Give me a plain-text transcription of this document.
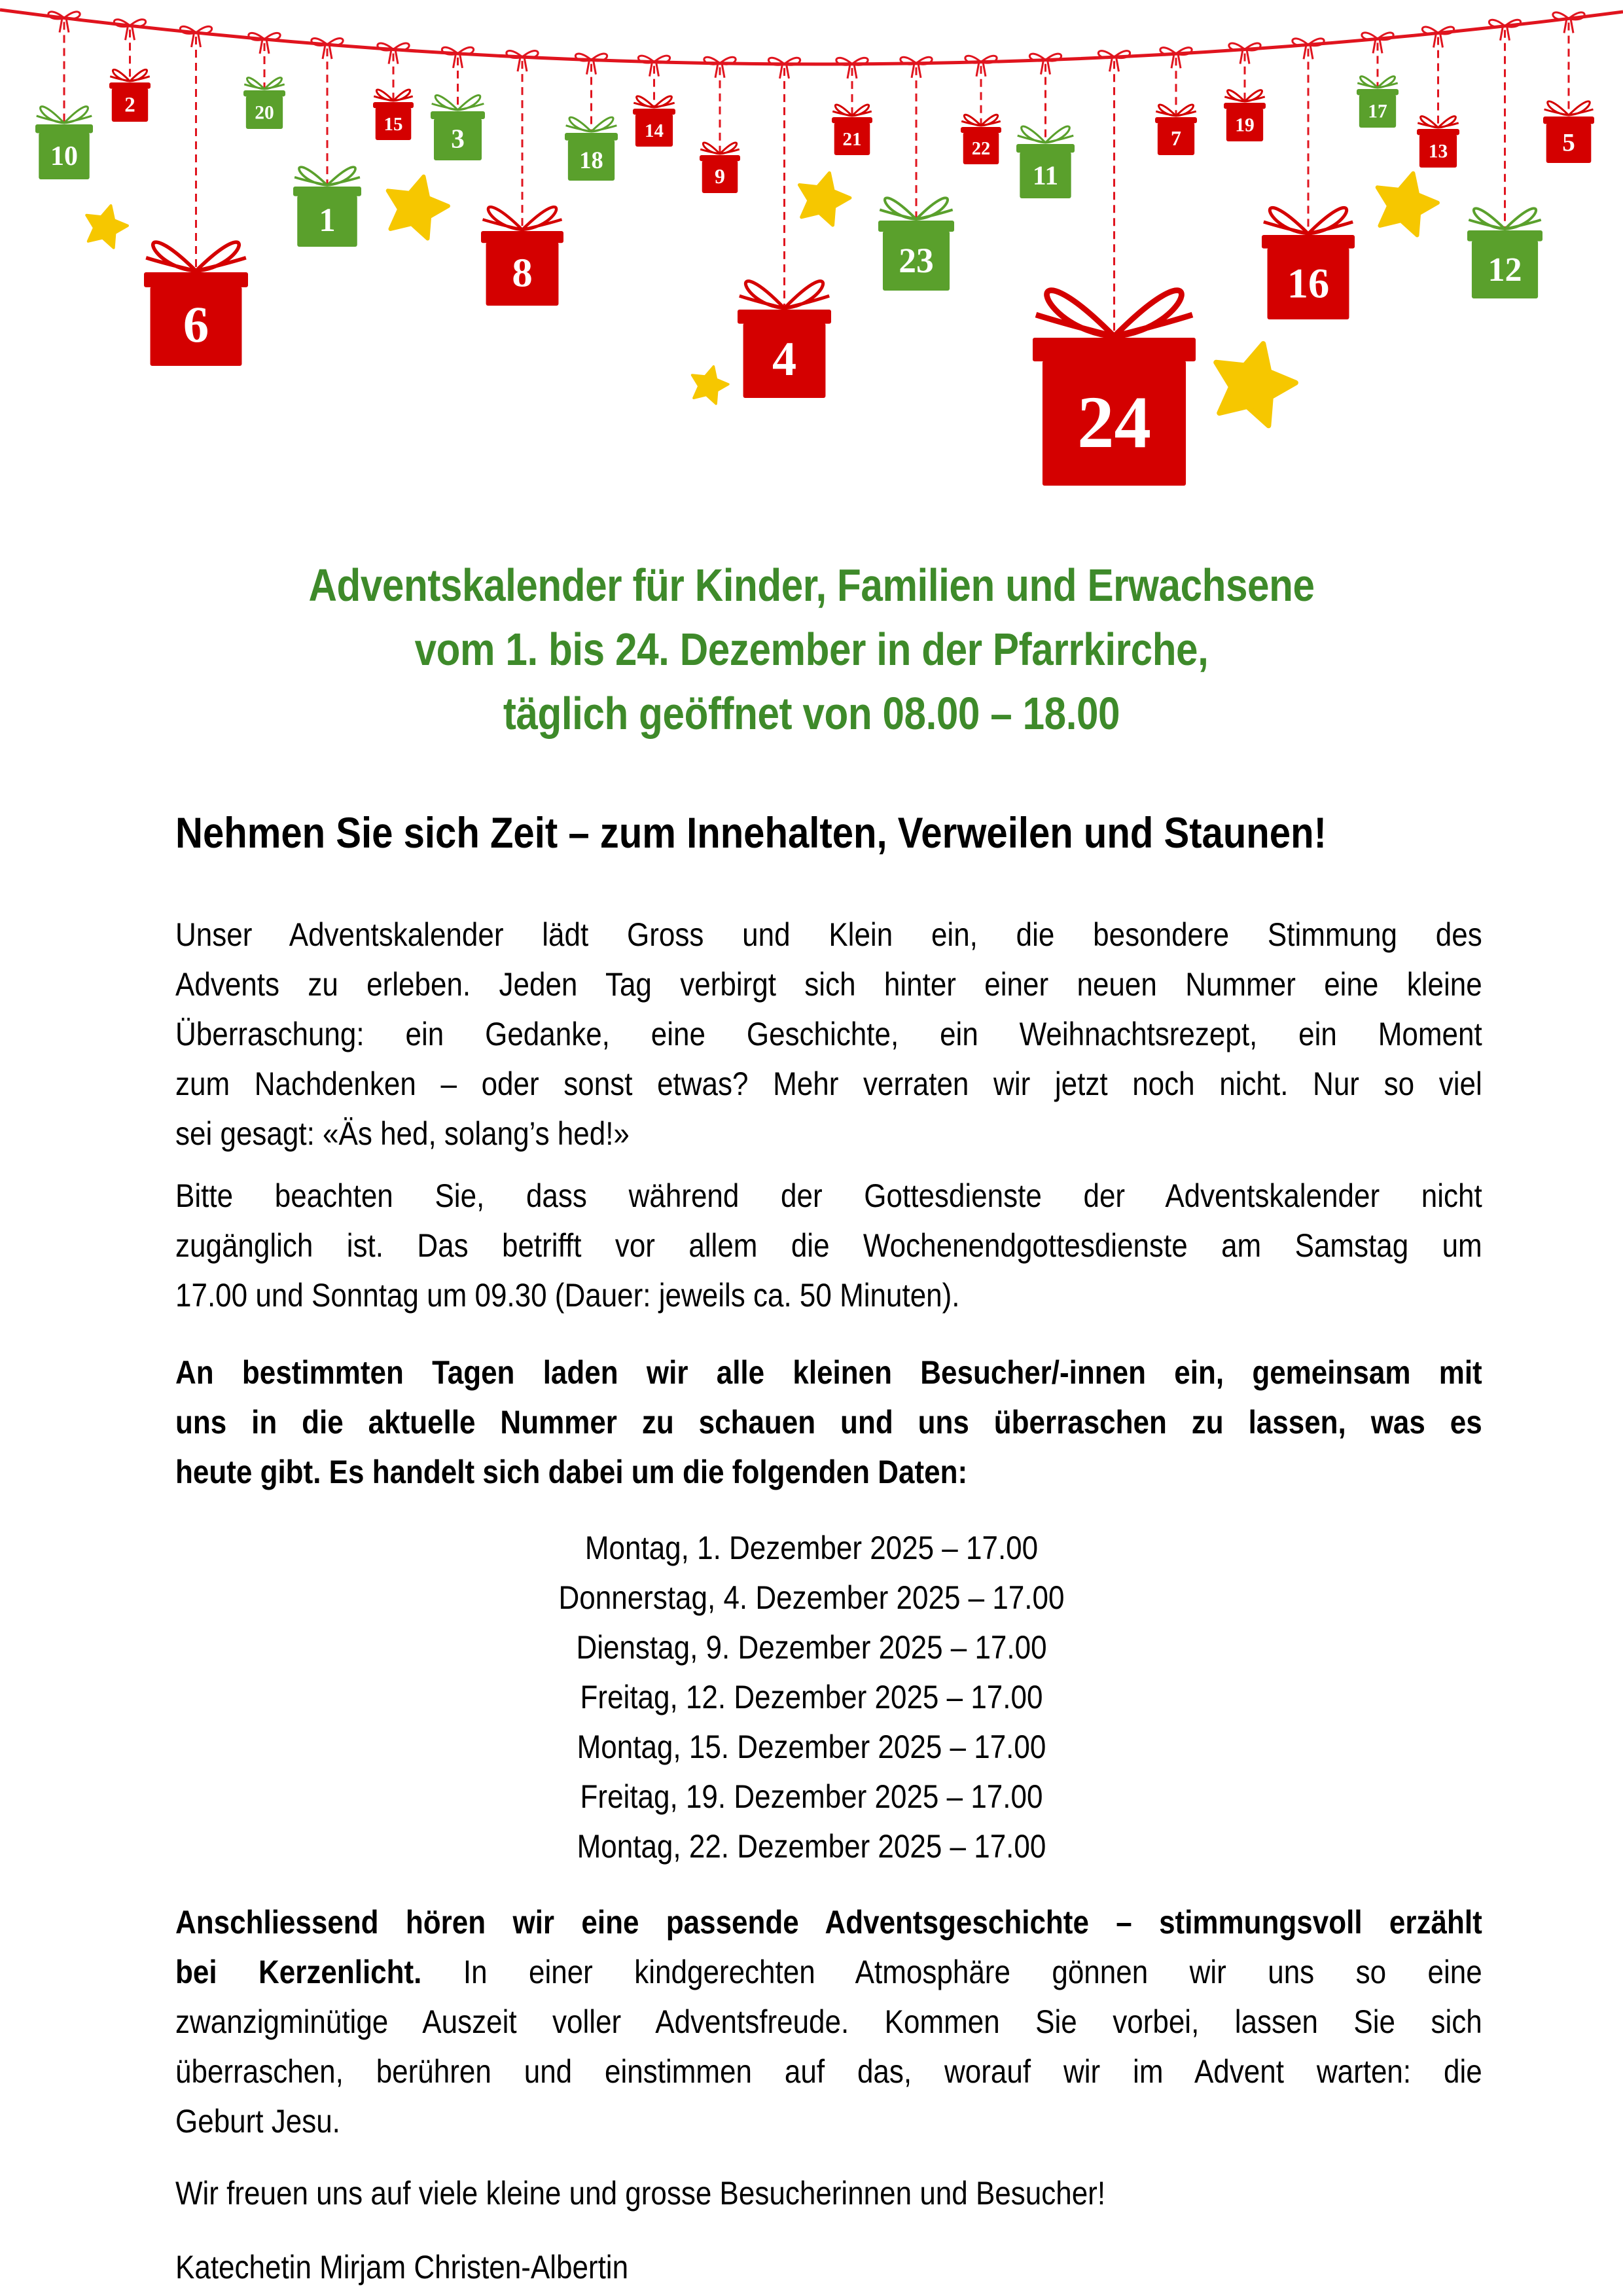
10
2	20
1
6
15 3
8
18
14
9
4
21
23
22
11
24
7
19
16
17
13
12
5
Adventskalender für Kinder, Familien und Erwachsene
vom 1. bis 24. Dezember in der Pfarrkirche,
täglich geöffnet von 08.00 – 18.00
Nehmen Sie sich Zeit – zum Innehalten, Verweilen und Staunen!
Unser Adventskalender lädt Gross und Klein ein, die besondere Stimmung des
Advents zu erleben. Jeden Tag verbirgt sich hinter einer neuen Nummer eine kleine
Überraschung: ein Gedanke, eine Geschichte, ein Weihnachtsrezept, ein Moment
zum Nachdenken – oder sonst etwas? Mehr verraten wir jetzt noch nicht. Nur so viel
sei gesagt: «Äs hed, solang’s hed!»
Bitte beachten Sie, dass während der Gottesdienste der Adventskalender nicht
zugänglich ist. Das betrifft vor allem die Wochenendgottesdienste am Samstag um
17.00 und Sonntag um 09.30 (Dauer: jeweils ca. 50 Minuten).
An bestimmten Tagen laden wir alle kleinen Besucher/-innen ein, gemeinsam mit
uns in die aktuelle Nummer zu schauen und uns überraschen zu lassen, was es
heute gibt. Es handelt sich dabei um die folgenden Daten:
Montag, 1. Dezember 2025 – 17.00
Donnerstag, 4. Dezember 2025 – 17.00
Dienstag, 9. Dezember 2025 – 17.00
Freitag, 12. Dezember 2025 – 17.00
Montag, 15. Dezember 2025 – 17.00
Freitag, 19. Dezember 2025 – 17.00
Montag, 22. Dezember 2025 – 17.00
Anschliessend hören wir eine passende Adventsgeschichte – stimmungsvoll erzählt
bei Kerzenlicht. In einer kindgerechten Atmosphäre gönnen wir uns so eine
zwanzigminütige Auszeit voller Adventsfreude. Kommen Sie vorbei, lassen Sie sich
überraschen, berühren und einstimmen auf das, worauf wir im Advent warten: die
Geburt Jesu.
Wir freuen uns auf viele kleine und grosse Besucherinnen und Besucher!
Katechetin Mirjam Christen-Albertin
